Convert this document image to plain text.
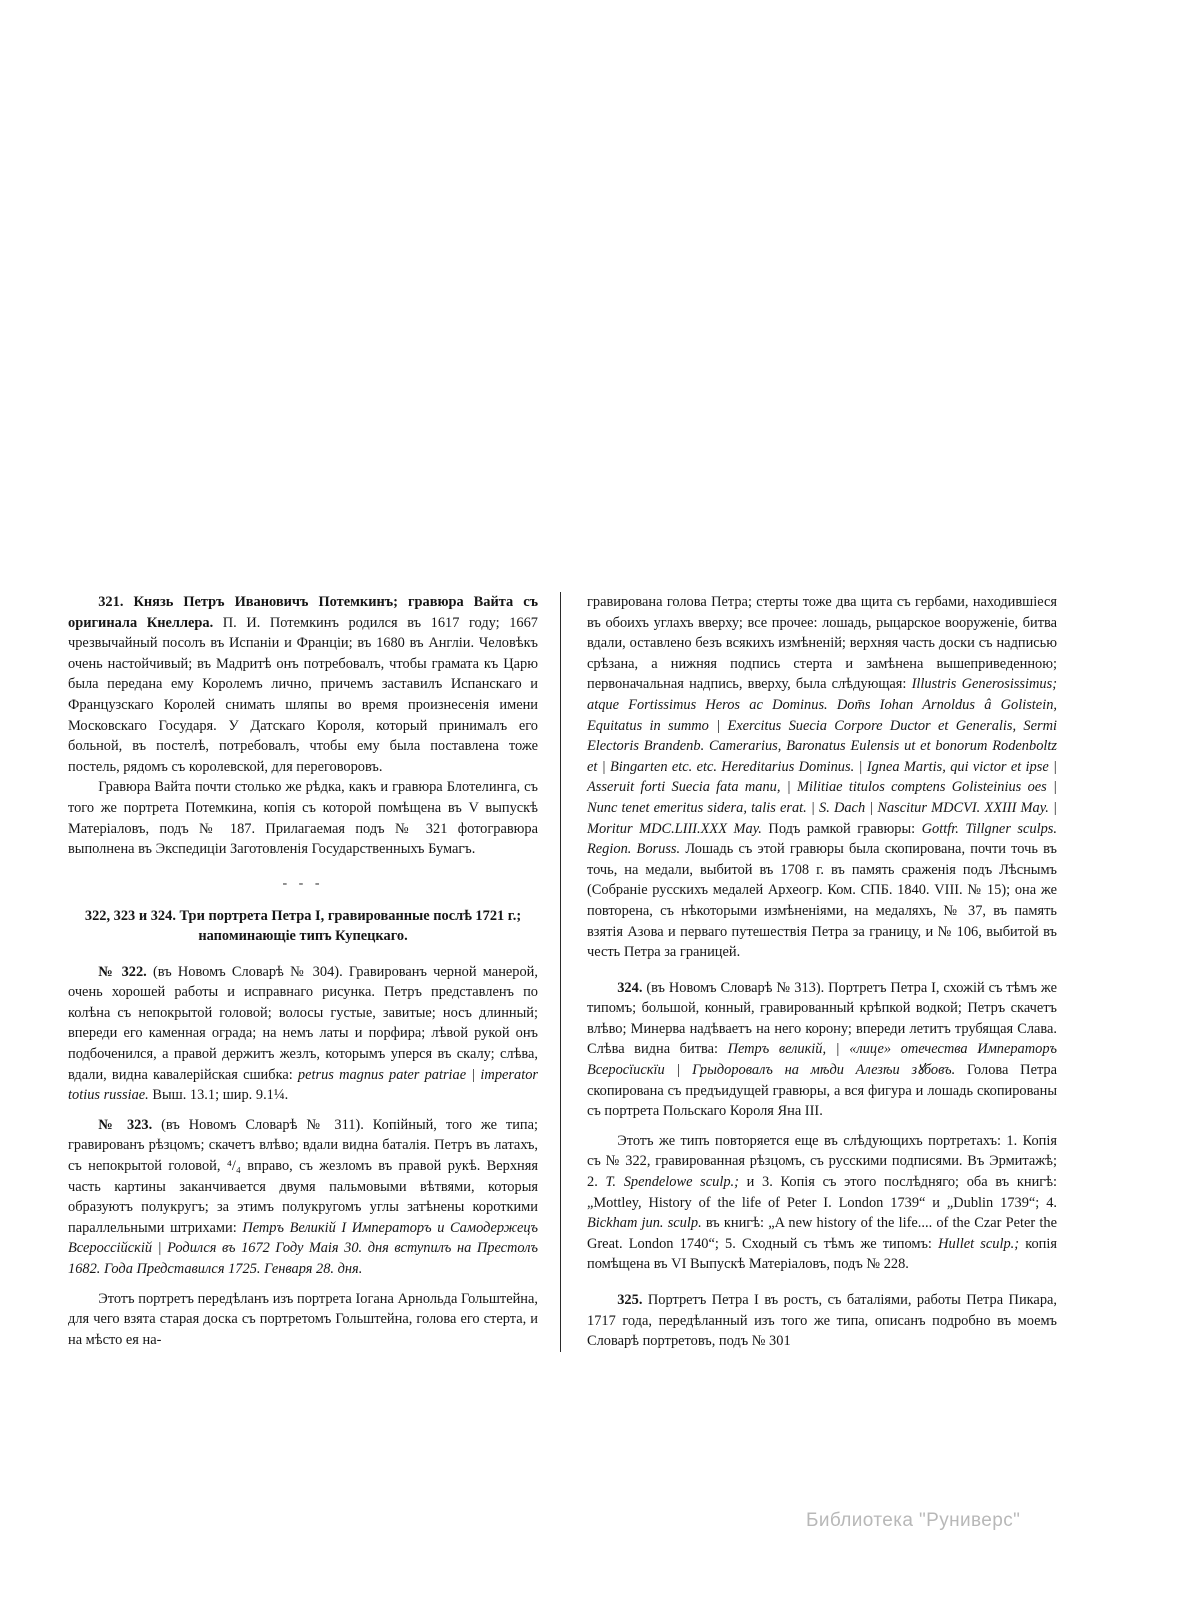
321. Князь Петръ Ивановичъ Потемкинъ; гравюра Вайта съ оригинала Кнеллера. П. И. Потемкинъ родился въ 1617 году; 1667 чрезвычайный посолъ въ Испаніи и Франціи; въ 1680 въ Англіи. Человѣкъ очень настойчивый; въ Мадритѣ онъ потребовалъ, чтобы грамата къ Царю была передана ему Королемъ лично, причемъ заставилъ Испанскаго и Французскаго Королей снимать шляпы во время произнесенія имени Московскаго Государя. У Датскаго Короля, который принималъ его больной, въ постелѣ, потребовалъ, чтобы ему была поставлена тоже постель, рядомъ съ королевской, для переговоровъ.

Гравюра Вайта почти столько же рѣдка, какъ и гравюра Блотелинга, съ того же портрета Потемкина, копія съ которой помѣщена въ V выпускѣ Матеріаловъ, подъ № 187. Прилагаемая подъ № 321 фотогравюра выполнена въ Экспедиціи Заготовленія Государственныхъ Бумагъ.

- - -

322, 323 и 324. Три портрета Петра I, гравированные послѣ 1721 г.; напоминающіе типъ Купецкаго.

№ 322. (въ Новомъ Словарѣ № 304). Гравированъ черной манерой, очень хорошей работы и исправнаго рисунка. Петръ представленъ по колѣна съ непокрытой головой; волосы густые, завитые; носъ длинный; впереди его каменная ограда; на немъ латы и порфира; лѣвой рукой онъ подбоченился, а правой держитъ жезлъ, которымъ уперся въ скалу; слѣва, вдали, видна кавалерійская сшибка: petrus magnus pater patriae | imperator totius russiae. Выш. 13.1; шир. 9.1¼.

№ 323. (въ Новомъ Словарѣ № 311). Копійный, того же типа; гравированъ рѣзцомъ; скачетъ влѣво; вдали видна баталія. Петръ въ латахъ, съ непокрытой головой, ⁴/₄ вправо, съ жезломъ въ правой рукѣ. Верхняя часть картины заканчивается двумя пальмовыми вѣтвями, которыя образуютъ полукругъ; за этимъ полукругомъ углы затѣнены короткими параллельными штрихами: Петръ Великій I Императоръ и Самодержецъ Всероссійскій | Родился въ 1672 Году Маія 30. дня вступилъ на Престолъ 1682. Года Представился 1725. Генваря 28. дня.

Этотъ портретъ передѣланъ изъ портрета Іогана Арнольда Гольштейна, для чего взята старая доска съ портретомъ Гольштейна, голова его стерта, и на мѣсто ея на-

гравирована голова Петра; стерты тоже два щита съ гербами, находившіеся въ обоихъ углахъ вверху; все прочее: лошадь, рыцарское вооруженіе, битва вдали, оставлено безъ всякихъ измѣненій; верхняя часть доски съ надписью срѣзана, а нижняя подпись стерта и замѣнена вышеприведенною; первоначальная надпись, вверху, была слѣдующая: Illustris Generosissimus; atque Fortissimus Heros ac Dominus. Dom̄s Iohan Arnoldus â Golistein, Equitatus in summo | Exercitus Suecia Corpore Ductor et Generalis, Sermi Electoris Brandenb. Camerarius, Baronatus Eulensis ut et bonorum Rodenboltz et | Bingarten etc. etc. Hereditarius Dominus. | Ignea Martis, qui victor et ipse | Asseruit forti Suecia fata manu, | Militiae titulos comptens Golisteinius oes | Nunc tenet emeritus sidera, talis erat. | S. Dach | Nascitur MDCVI. XXIII May. | Moritur MDC.LIII.XXX May. Подъ рамкой гравюры: Gottfr. Tillgner sculps. Region. Boruss. Лошадь съ этой гравюры была скопирована, почти точь въ точь, на медали, выбитой въ 1708 г. въ память сраженія подъ Лѣснымъ (Собраніе русскихъ медалей Археогр. Ком. СПБ. 1840. VIII. № 15); она же повторена, съ нѣкоторыми измѣненіями, на медаляхъ, № 37, въ память взятія Азова и перваго путешествія Петра за границу, и № 106, выбитой въ честь Петра за границей.

324. (въ Новомъ Словарѣ № 313). Портретъ Петра I, схожій съ тѣмъ же типомъ; большой, конный, гравированный крѣпкой водкой; Петръ скачетъ влѣво; Минерва надѣваетъ на него корону; впереди летитъ трубящая Слава. Слѣва видна битва: Петръ великій, | «лице» отечества Императоръ Всеросїискїи | Грыдоровалъ на мѣди Алезѣи зꙋбовъ. Голова Петра скопирована съ предъидущей гравюры, а вся фигура и лошадь скопированы съ портрета Польскаго Короля Яна III.

Этотъ же типъ повторяется еще въ слѣдующихъ портретахъ: 1. Копія съ № 322, гравированная рѣзцомъ, съ русскими подписями. Въ Эрмитажѣ; 2. T. Spendelowe sculp.; и 3. Копія съ этого послѣдняго; оба въ книгѣ: „Mottley, History of the life of Peter I. London 1739“ и „Dublin 1739“; 4. Bickham jun. sculp. въ книгѣ: „A new history of the life.... of the Czar Peter the Great. London 1740“; 5. Сходный съ тѣмъ же типомъ: Hullet sculp.; копія помѣщена въ VI Выпускѣ Матеріаловъ, подъ № 228.

325. Портретъ Петра I въ ростъ, съ баталіями, работы Петра Пикара, 1717 года, передѣланный изъ того же типа, описанъ подробно въ моемъ Словарѣ портретовъ, подъ № 301

Библиотека "Руниверс"
